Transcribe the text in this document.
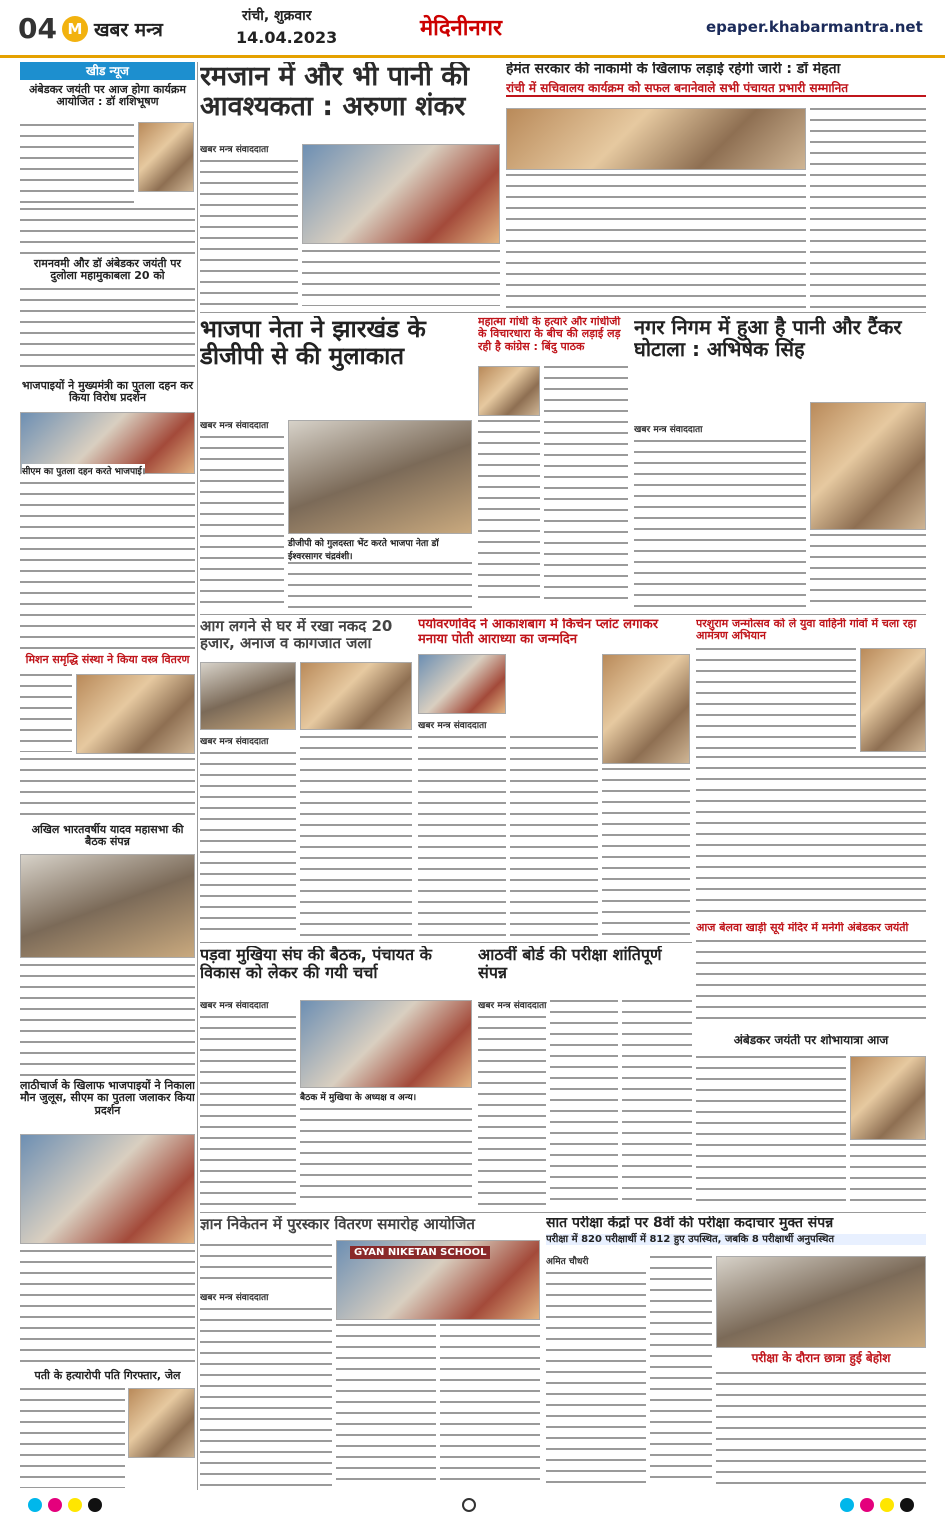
04 M खबर मन्त्र
रांची, शुक्रवार
14.04.2023	मेदिनीनगर	epaper.khabarmantra.net
खीड न्यूज
अंबेडकर जयंती पर आज होगा कार्यक्रम आयोजित : डॉ शशिभूषण
रामनवमी और डॉ अंबेडकर जयंती पर दुलोला महामुकाबला 20 को
भाजपाइयों ने मुख्यमंत्री का पुतला दहन कर किया विरोध प्रदर्शन
सीएम का पुतला दहन करते भाजपाई।
मिशन समृद्धि संस्था ने किया वस्त्र वितरण
अखिल भारतवर्षीय यादव महासभा की बैठक संपन्न
लाठीचार्ज के खिलाफ भाजपाइयों ने निकाला मौन जुलूस, सीएम का पुतला जलाकर किया प्रदर्शन
पती के हत्यारोपी पति गिरफ्तार, जेल
रमजान में और भी पानी की आवश्यकता : अरुणा शंकर
खबर मन्त्र संवाददाता
हेमंत सरकार की नाकामी के खिलाफ लड़ाई रहेगी जारी : डॉ मेहता
रांची में सचिवालय कार्यक्रम को सफल बनानेवाले सभी पंचायत प्रभारी सम्मानित
भाजपा नेता ने झारखंड के डीजीपी से की मुलाकात
खबर मन्त्र संवाददाता
डीजीपी को गुलदस्ता भेंट करते भाजपा नेता डॉ ईश्वरसागर चंद्रवंशी।
महात्मा गांधी के हत्यारे और गांधीजी के विचारधारा के बीच की लड़ाई लड़ रही है कांग्रेस : बिंदु पाठक
नगर निगम में हुआ है पानी और टैंकर घोटाला : अभिषेक सिंह
खबर मन्त्र संवाददाता
आग लगने से घर में रखा नकद 20 हजार, अनाज व कागजात जला
खबर मन्त्र संवाददाता
पर्यावरणविद ने आकाशबाग में किचेन प्लांट लगाकर मनाया पोती आराध्या का जन्मदिन
खबर मन्त्र संवाददाता
परशुराम जन्मोत्सव को ले युवा वाहिनी गांवों में चला रहा आमंत्रण अभियान
पड़वा मुखिया संघ की बैठक, पंचायत के विकास को लेकर की गयी चर्चा
खबर मन्त्र संवाददाता
बैठक में मुखिया के अध्यक्ष व अन्य।
आठवीं बोर्ड की परीक्षा शांतिपूर्ण संपन्न
खबर मन्त्र संवाददाता
आज बेलवा खाड़ी सूर्य मंदिर में मनेगी अंबेडकर जयंती
अंबेडकर जयंती पर शोभायात्रा आज
ज्ञान निकेतन में पुरस्कार वितरण समारोह आयोजित
GYAN NIKETAN SCHOOL
खबर मन्त्र संवाददाता
सात परीक्षा केंद्रों पर 8वीं की परीक्षा कदाचार मुक्त संपन्न
परीक्षा में 820 परीक्षार्थी में 812 हुए उपस्थित, जबकि 8 परीक्षार्थी अनुपस्थित
अमित चौधरी
परीक्षा के दौरान छात्रा हुई बेहोश
